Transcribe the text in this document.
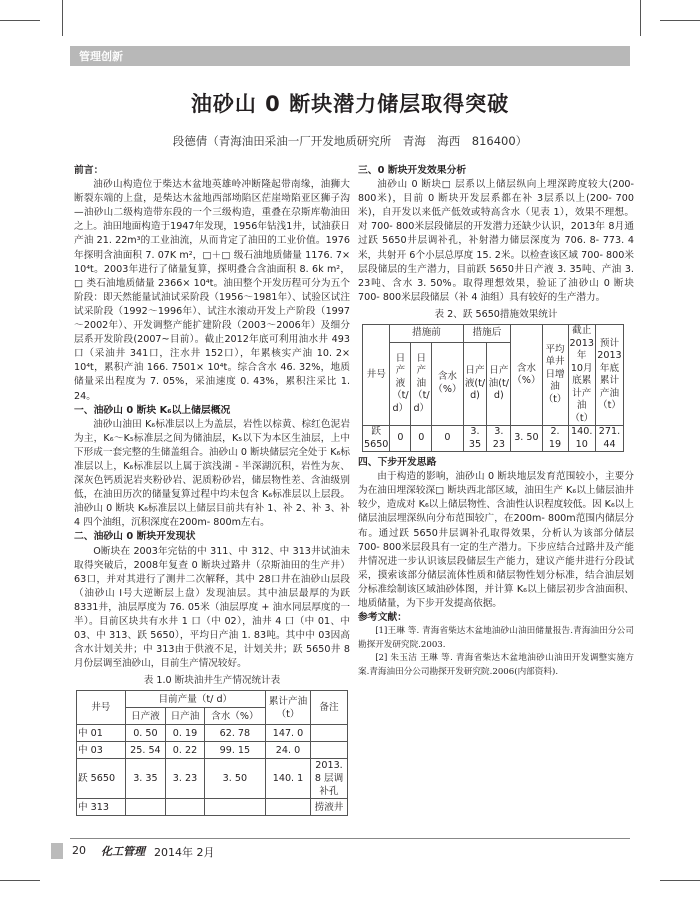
管理创新
油砂山 0 断块潜力储层取得突破
段德倩（青海油田采油一厂开发地质研究所　青海　海西　816400）
前言：

油砂山构造位于柴达木盆地英雄岭冲断隆起带南缘，油狮大断裂东端的上盘，是柴达木盆地西部坳陷区茫崖坳陷亚区狮子沟—油砂山二级构造带东段的一个三级构造，重叠在尕斯库勒油田之上。油田地面构造于1947年发现，1956年钻浅1井，试油获日产油 21. 22m³的工业油流，从而肯定了油田的工业价值。1976年探明含油面积 7. 07K m²，□＋□ 级石油地质储量 1176. 7× 10⁴t。2003年进行了储量复算，探明叠合含油面积 8. 6k m²，□ 类石油地质储量 2366× 10⁴t。油田整个开发历程可分为五个阶段：即天然能量试油试采阶段（1956～1981年）、试验区试注试采阶段（1992～1996年）、试注水滚动开发上产阶段（1997～2002年）、开发调整产能扩建阶段（2003～2006年）及细分层系开发阶段(2007~目前）。截止2012年底可利用油水井 493口（采油井 341口，注水井 152口），年累核实产油 10. 2× 10⁴t，累积产油 166. 7501× 10⁴t。综合含水 46. 32%，地质储量采出程度为 7. 05%，采油速度 0. 43%，累积注采比 1. 24。

一、油砂山 0 断块 K₆以上储层概况

油砂山油田 K₆标准层以上为盖层，岩性以棕黄、棕红色泥岩为主，K₆～K₅标准层之间为储油层，K₅以下为本区生油层，上中下形成一套完整的生储盖组合。油砂山 0 断块储层完全处于 K₆标准层以上，K₆标准层以上属于滨浅湖 - 半深湖沉积，岩性为灰、深灰色钙质泥岩夹粉砂岩、泥质粉砂岩，储层物性差、含油级别低，在油田历次的储量复算过程中均未包含 K₆标准层以上层段。油砂山 0 断块 K₆标准层以上储层目前共有补 1、补 2、补 3、补 4 四个油组，沉积深度在200m- 800m左右。

二、油砂山 0 断块开发现状

O断块在 2003年完钻的中 311、中 312、中 313井试油未取得突破后，2008年复查 0 断块过路井（尕斯油田的生产井）63口，并对其进行了测井二次解释，其中 28口井在油砂山层段（油砂山 I号大逆断层上盘）发现油层。其中油层最厚的为跃 8331井，油层厚度为 76. 05米（油层厚度 + 油水同层厚度的一半）。目前区块共有水井 1 口（中 02），油井 4 口（中 01、中 03、中 313、跃 5650），平均日产油 1. 83吨。其中中 03因高含水计划关井；中 313由于供液不足，计划关井；跃 5650井 8月份层调至油砂山，目前生产情况较好。

表 1.0 断块油井生产情况统计表
井号	目前产量（t/ d）			累计产油（t）	备注
	日产液	日产油	含水（%）		
中 01	0. 50	0. 19	62. 78	147. 0	
中 03	25. 54	0. 22	99. 15	24. 0	
跃 5650	3. 35	3. 23	3. 50	140. 1	2013. 8 层调补孔
中 313					捞液井
三、0 断块开发效果分析

油砂山 0 断块□ 层系以上储层纵向上埋深跨度较大(200- 800米)，目前 0 断块开发层系都在补 3层系以上(200- 700米)，自开发以来低产低效或特高含水（见表 1），效果不理想。对 700- 800米层段储层的开发潜力还缺少认识，2013年 8月通过跃 5650井层调补孔，补射潜力储层深度为 706. 8- 773. 4米，共射开 6个小层总厚度 15. 2米。以检查该区域 700- 800米层段储层的生产潜力，目前跃 5650井日产液 3. 35吨、产油 3. 23吨、含水 3. 50%。取得理想效果，验证了油砂山 0 断块 700- 800米层段储层（补 4 油组）具有较好的生产潜力。

表 2、跃 5650措施效果统计
井号	措施前			措施后		含水（%）	平均单井日增油（t）	截止 2013年 10月底累计产油（t）	预计 2013年底累计产油（t）
	日产液（t/ d）	日产油（t/ d）	含水（%）	日产液(t/ d)	日产油(t/ d)				
跃 5650	0	0	0	3. 35	3. 23	3. 50	2. 19	140. 10	271. 44
四、下步开发思路

由于构造的影响，油砂山 0 断块地层发育范围较小，主要分为在油田埋深较深□ 断块西北部区域，油田生产 K₆以上储层油井较少，造成对 K₆以上储层物性、含油性认识程度较低。因 K₆以上储层油层埋深纵向分布范围较广，在200m- 800m范围内储层分布。通过跃 5650井层调补孔取得效果，分析认为该部分储层 700- 800米层段具有一定的生产潜力。下步应结合过路井及产能井情况进一步认识该层段储层生产能力，建议产能井进行分段试采，摸索该部分储层流体性质和储层物性划分标准，结合油层划分标准绘制该区域油砂体图，并计算 K₆以上储层初步含油面积、地质储量，为下步开发提高依据。

参考文献：

[1]王琳 等. 青海省柴达木盆地油砂山油田储量报告.青海油田分公司勘探开发研究院.2003.

[2] 朱玉洁 王琳 等. 青海省柴达木盆地油砂山油田开发调整实施方案.青海油田分公司勘探开发研究院.2006(内部资料).

20 化工管理 2014年 2月
